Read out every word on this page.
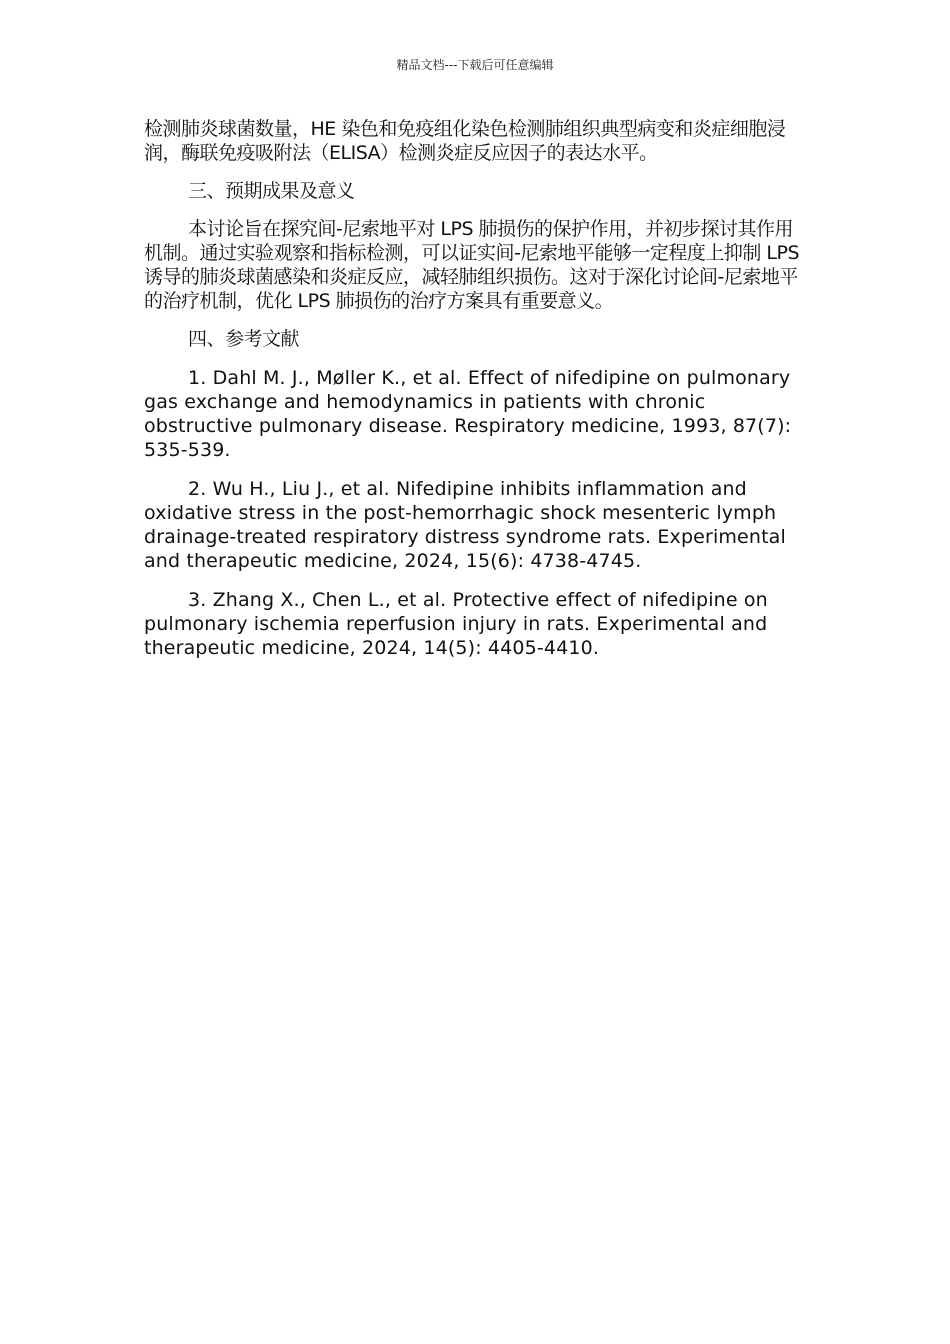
精品文档---下载后可任意编辑

检测肺炎球菌数量，HE 染色和免疫组化染色检测肺组织典型病变和炎症细胞浸润，酶联免疫吸附法（ELISA）检测炎症反应因子的表达水平。

三、预期成果及意义

本讨论旨在探究间-尼索地平对 LPS 肺损伤的保护作用，并初步探讨其作用机制。通过实验观察和指标检测，可以证实间-尼索地平能够一定程度上抑制 LPS 诱导的肺炎球菌感染和炎症反应，减轻肺组织损伤。这对于深化讨论间-尼索地平的治疗机制，优化 LPS 肺损伤的治疗方案具有重要意义。

四、参考文献

1. Dahl M. J., Møller K., et al. Effect of nifedipine on pulmonary gas exchange and hemodynamics in patients with chronic obstructive pulmonary disease. Respiratory medicine, 1993, 87(7): 535-539.

2. Wu H., Liu J., et al. Nifedipine inhibits inflammation and oxidative stress in the post-hemorrhagic shock mesenteric lymph drainage-treated respiratory distress syndrome rats. Experimental and therapeutic medicine, 2024, 15(6): 4738-4745.

3. Zhang X., Chen L., et al. Protective effect of nifedipine on pulmonary ischemia reperfusion injury in rats. Experimental and therapeutic medicine, 2024, 14(5): 4405-4410.
